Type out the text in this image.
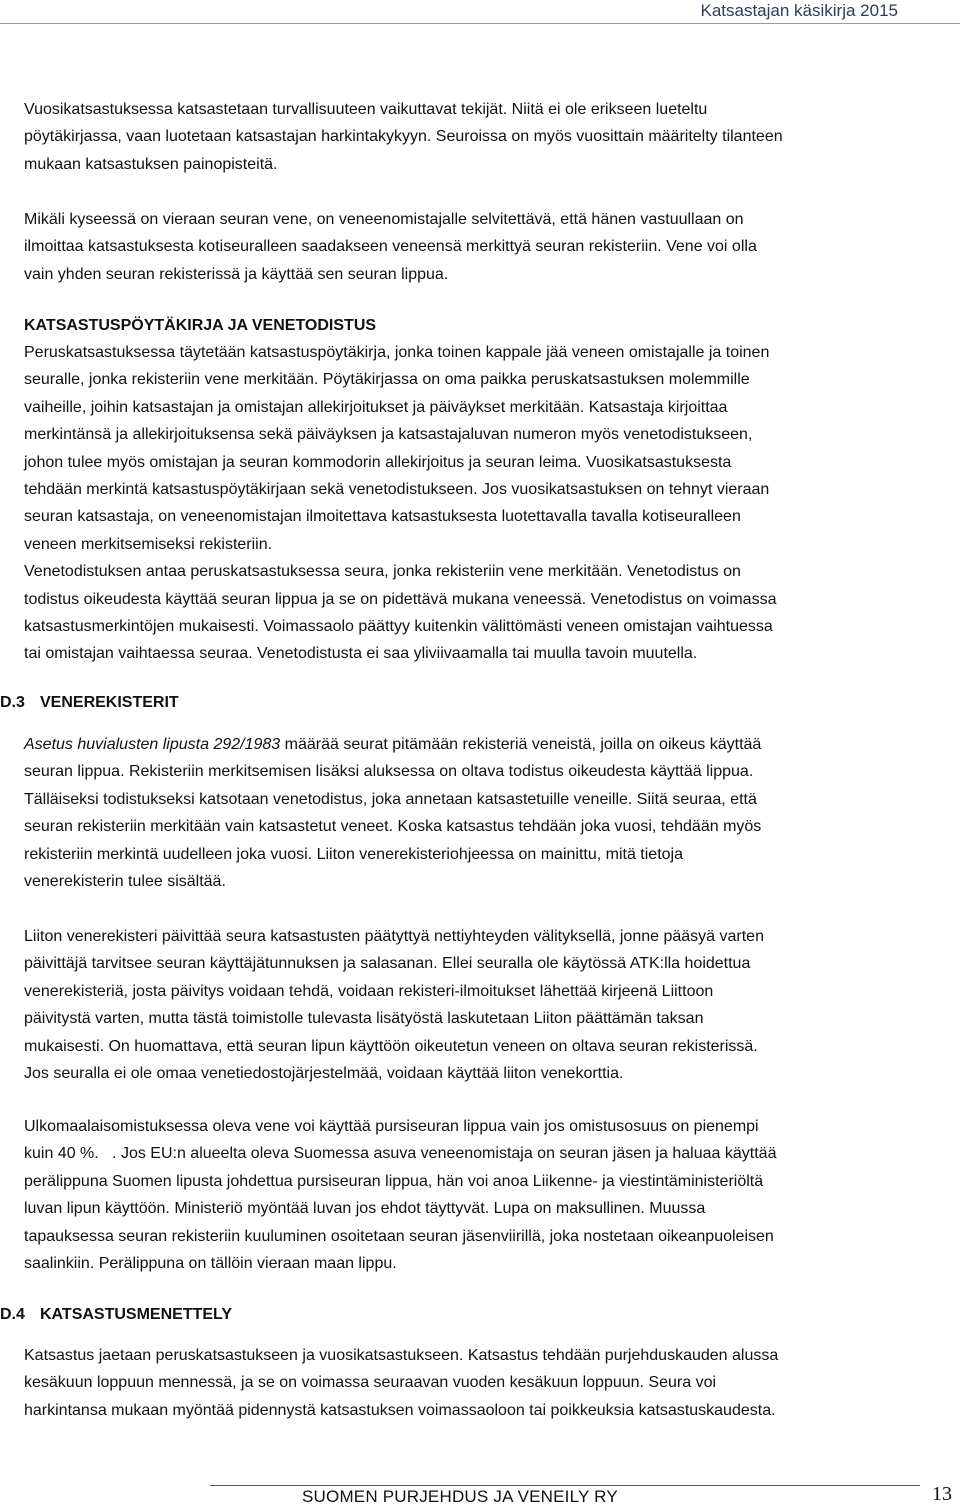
Katsastajan käsikirja 2015
Vuosikatsastuksessa katsastetaan turvallisuuteen vaikuttavat tekijät. Niitä ei ole erikseen lueteltu
pöytäkirjassa, vaan luotetaan katsastajan harkintakykyyn. Seuroissa on myös vuosittain määritelty tilanteen
mukaan katsastuksen painopisteitä.
Mikäli kyseessä on vieraan seuran vene, on veneenomistajalle selvitettävä, että hänen vastuullaan on
ilmoittaa katsastuksesta kotiseuralleen saadakseen veneensä merkittyä seuran rekisteriin. Vene voi olla
vain yhden seuran rekisterissä ja käyttää sen seuran lippua.
KATSASTUSPÖYTÄKIRJA JA VENETODISTUS
Peruskatsastuksessa täytetään katsastuspöytäkirja, jonka toinen kappale jää veneen omistajalle ja toinen
seuralle, jonka rekisteriin vene merkitään. Pöytäkirjassa on oma paikka peruskatsastuksen molemmille
vaiheille, joihin katsastajan ja omistajan allekirjoitukset ja päiväykset merkitään. Katsastaja kirjoittaa
merkintänsä ja allekirjoituksensa sekä päiväyksen ja katsastajaluvan numeron myös venetodistukseen,
johon tulee myös omistajan ja seuran kommodorin allekirjoitus ja seuran leima. Vuosikatsastuksesta
tehdään merkintä katsastuspöytäkirjaan sekä venetodistukseen. Jos vuosikatsastuksen on tehnyt vieraan
seuran katsastaja, on veneenomistajan ilmoitettava katsastuksesta luotettavalla tavalla kotiseuralleen
veneen merkitsemiseksi rekisteriin.
Venetodistuksen antaa peruskatsastuksessa seura, jonka rekisteriin vene merkitään. Venetodistus on
todistus oikeudesta käyttää seuran lippua ja se on pidettävä mukana veneessä. Venetodistus on voimassa
katsastusmerkintöjen mukaisesti. Voimassaolo päättyy kuitenkin välittömästi veneen omistajan vaihtuessa
tai omistajan vaihtaessa seuraa. Venetodistusta ei saa yliviivaamalla tai muulla tavoin muutella.
D.3 VENEREKISTERIT
Asetus huvialusten lipusta 292/1983 määrää seurat pitämään rekisteriä veneistä, joilla on oikeus käyttää
seuran lippua. Rekisteriin merkitsemisen lisäksi aluksessa on oltava todistus oikeudesta käyttää lippua.
Tälläiseksi todistukseksi katsotaan venetodistus, joka annetaan katsastetuille veneille. Siitä seuraa, että
seuran rekisteriin merkitään vain katsastetut veneet. Koska katsastus tehdään joka vuosi, tehdään myös
rekisteriin merkintä uudelleen joka vuosi. Liiton venerekisteriohjeessa on mainittu, mitä tietoja
venerekisterin tulee sisältää.
Liiton venerekisteri päivittää seura katsastusten päätyttyä nettiyhteyden välityksellä, jonne pääsyä varten
päivittäjä tarvitsee seuran käyttäjätunnuksen ja salasanan. Ellei seuralla ole käytössä ATK:lla hoidettua
venerekisteriä, josta päivitys voidaan tehdä, voidaan rekisteri-ilmoitukset lähettää kirjeenä Liittoon
päivitystä varten, mutta tästä toimistolle tulevasta lisätyöstä laskutetaan Liiton päättämän taksan
mukaisesti. On huomattava, että seuran lipun käyttöön oikeutetun veneen on oltava seuran rekisterissä.
Jos seuralla ei ole omaa venetiedostojärjestelmää, voidaan käyttää liiton venekorttia.
Ulkomaalaisomistuksessa oleva vene voi käyttää pursiseuran lippua vain jos omistusosuus on pienempi
kuin 40 %.   . Jos EU:n alueelta oleva Suomessa asuva veneenomistaja on seuran jäsen ja haluaa käyttää
perälippuna Suomen lipusta johdettua pursiseuran lippua, hän voi anoa Liikenne- ja viestintäministeriöltä
luvan lipun käyttöön. Ministeriö myöntää luvan jos ehdot täyttyvät. Lupa on maksullinen. Muussa
tapauksessa seuran rekisteriin kuuluminen osoitetaan seuran jäsenviirillä, joka nostetaan oikeanpuoleisen
saalinkiin. Perälippuna on tällöin vieraan maan lippu.
D.4 KATSASTUSMENETTELY
Katsastus jaetaan peruskatsastukseen ja vuosikatsastukseen. Katsastus tehdään purjehduskauden alussa
kesäkuun loppuun mennessä, ja se on voimassa seuraavan vuoden kesäkuun loppuun. Seura voi
harkintansa mukaan myöntää pidennystä katsastuksen voimassaoloon tai poikkeuksia katsastuskaudesta.
SUOMEN PURJEHDUS JA VENEILY RY	13
